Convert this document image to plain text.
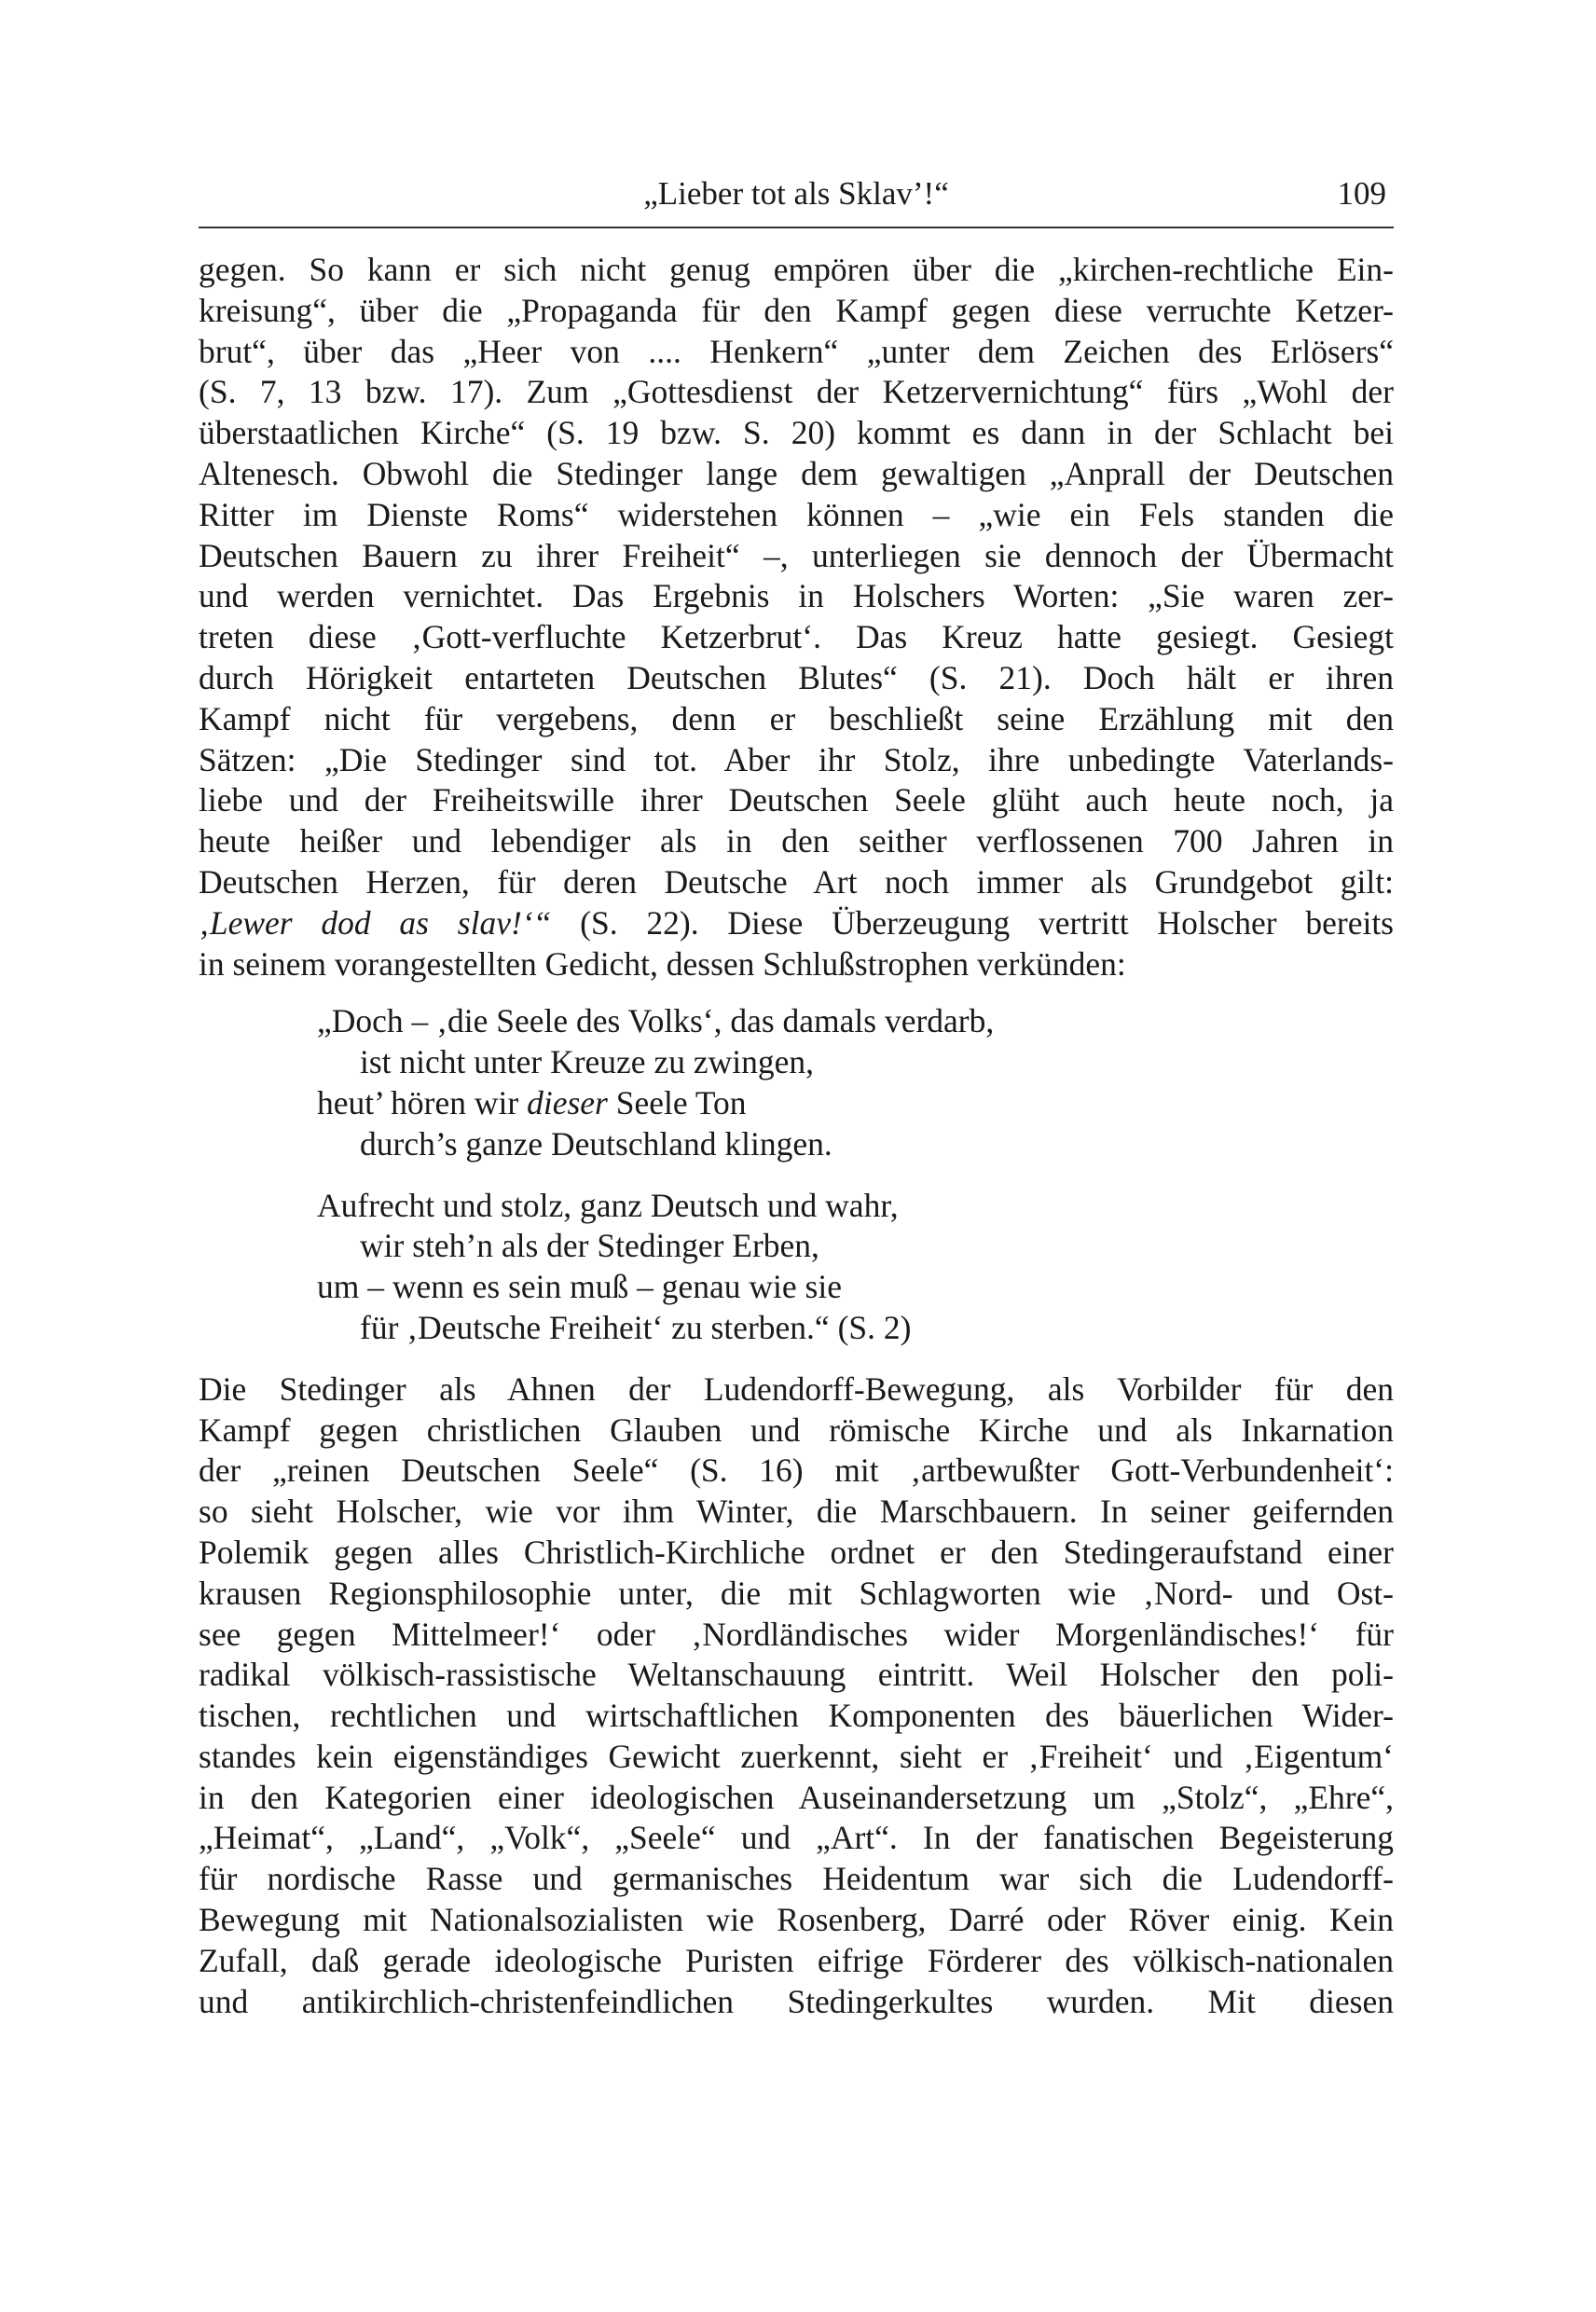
„Lieber tot als Sklav’!“	109
gegen. So kann er sich nicht genug empören über die „kirchen-rechtliche Ein-
kreisung“, über die „Propaganda für den Kampf gegen diese verruchte Ketzer-
brut“, über das „Heer von .... Henkern“ „unter dem Zeichen des Erlösers“
(S. 7, 13 bzw. 17). Zum „Gottesdienst der Ketzervernichtung“ fürs „Wohl der
überstaatlichen Kirche“ (S. 19 bzw. S. 20) kommt es dann in der Schlacht bei
Altenesch. Obwohl die Stedinger lange dem gewaltigen „Anprall der Deutschen
Ritter im Dienste Roms“ widerstehen können – „wie ein Fels standen die
Deutschen Bauern zu ihrer Freiheit“ –, unterliegen sie dennoch der Übermacht
und werden vernichtet. Das Ergebnis in Holschers Worten: „Sie waren zer-
treten diese ‚Gott-verfluchte Ketzerbrut‘. Das Kreuz hatte gesiegt. Gesiegt
durch Hörigkeit entarteten Deutschen Blutes“ (S. 21). Doch hält er ihren
Kampf nicht für vergebens, denn er beschließt seine Erzählung mit den
Sätzen: „Die Stedinger sind tot. Aber ihr Stolz, ihre unbedingte Vaterlands-
liebe und der Freiheitswille ihrer Deutschen Seele glüht auch heute noch, ja
heute heißer und lebendiger als in den seither verflossenen 700 Jahren in
Deutschen Herzen, für deren Deutsche Art noch immer als Grundgebot gilt:
‚Lewer dod as slav!‘“ (S. 22). Diese Überzeugung vertritt Holscher bereits
in seinem vorangestellten Gedicht, dessen Schlußstrophen verkünden:
„Doch – ‚die Seele des Volks‘, das damals verdarb,
ist nicht unter Kreuze zu zwingen,
heut’ hören wir dieser Seele Ton
durch’s ganze Deutschland klingen.
Aufrecht und stolz, ganz Deutsch und wahr,
wir steh’n als der Stedinger Erben,
um – wenn es sein muß – genau wie sie
für ‚Deutsche Freiheit‘ zu sterben.“ (S. 2)
Die Stedinger als Ahnen der Ludendorff-Bewegung, als Vorbilder für den
Kampf gegen christlichen Glauben und römische Kirche und als Inkarnation
der „reinen Deutschen Seele“ (S. 16) mit ‚artbewußter Gott-Verbundenheit‘:
so sieht Holscher, wie vor ihm Winter, die Marschbauern. In seiner geifernden
Polemik gegen alles Christlich-Kirchliche ordnet er den Stedingeraufstand einer
krausen Regionsphilosophie unter, die mit Schlagworten wie ‚Nord- und Ost-
see gegen Mittelmeer!‘ oder ‚Nordländisches wider Morgenländisches!‘ für
radikal völkisch-rassistische Weltanschauung eintritt. Weil Holscher den poli-
tischen, rechtlichen und wirtschaftlichen Komponenten des bäuerlichen Wider-
standes kein eigenständiges Gewicht zuerkennt, sieht er ‚Freiheit‘ und ‚Eigentum‘
in den Kategorien einer ideologischen Auseinandersetzung um „Stolz“, „Ehre“,
„Heimat“, „Land“, „Volk“, „Seele“ und „Art“. In der fanatischen Begeisterung
für nordische Rasse und germanisches Heidentum war sich die Ludendorff-
Bewegung mit Nationalsozialisten wie Rosenberg, Darré oder Röver einig. Kein
Zufall, daß gerade ideologische Puristen eifrige Förderer des völkisch-nationalen
und antikirchlich-christenfeindlichen Stedingerkultes wurden. Mit diesen
